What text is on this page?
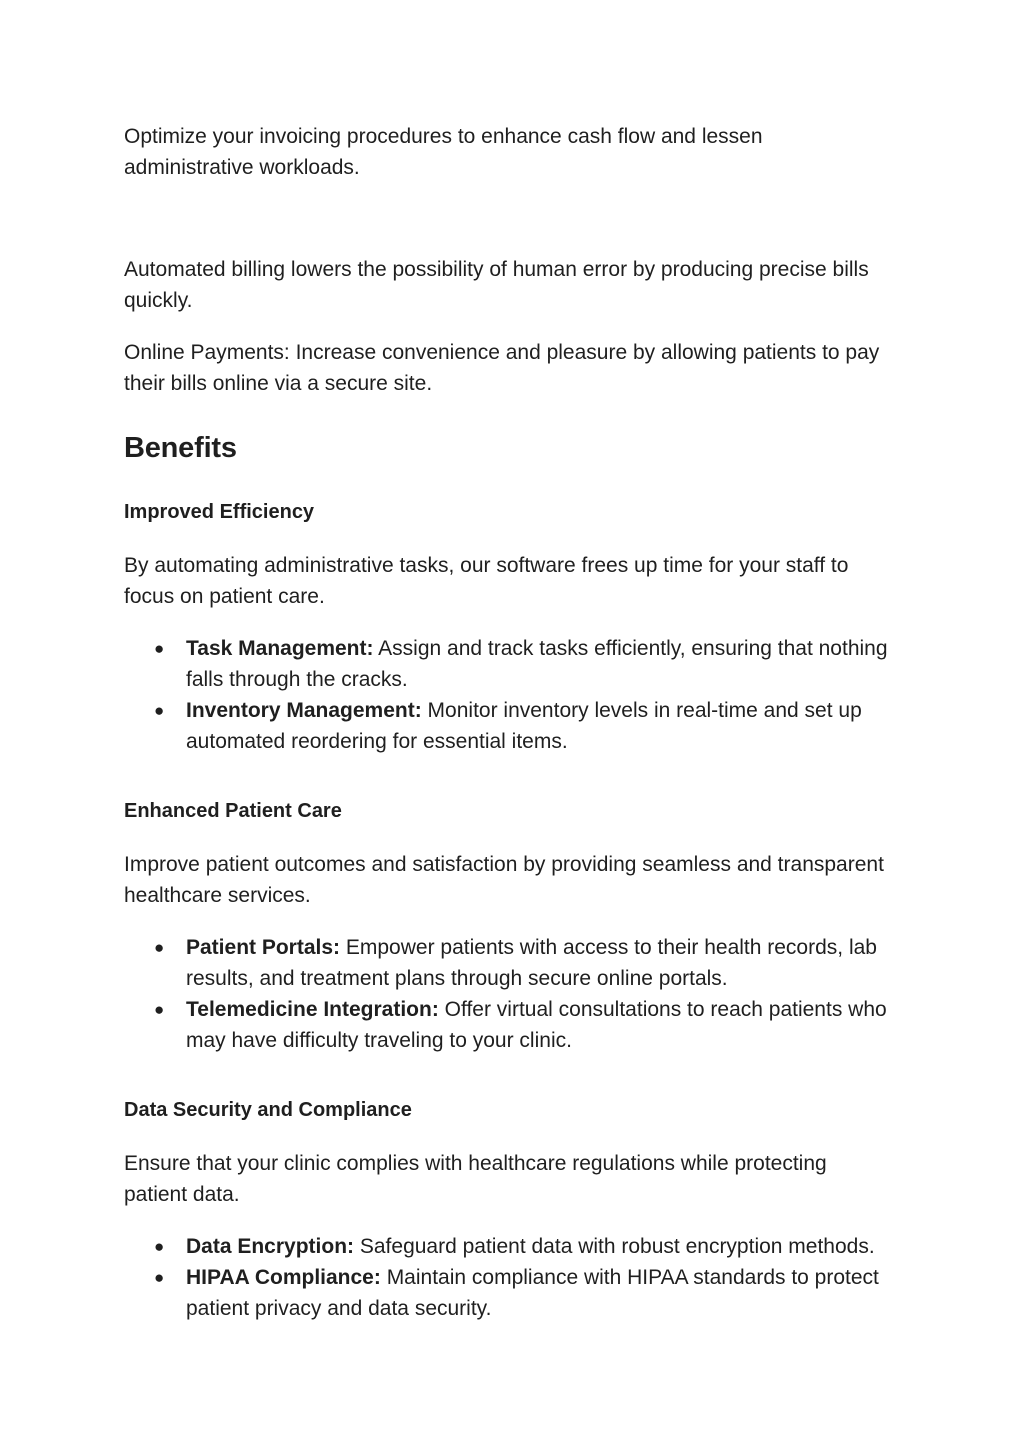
Optimize your invoicing procedures to enhance cash flow and lessen administrative workloads.

Automated billing lowers the possibility of human error by producing precise bills quickly.

Online Payments: Increase convenience and pleasure by allowing patients to pay their bills online via a secure site.

Benefits
Improved Efficiency

By automating administrative tasks, our software frees up time for your staff to focus on patient care.

● Task Management: Assign and track tasks efficiently, ensuring that nothing falls through the cracks.
● Inventory Management: Monitor inventory levels in real-time and set up automated reordering for essential items.
Enhanced Patient Care

Improve patient outcomes and satisfaction by providing seamless and transparent healthcare services.

● Patient Portals: Empower patients with access to their health records, lab results, and treatment plans through secure online portals.
● Telemedicine Integration: Offer virtual consultations to reach patients who may have difficulty traveling to your clinic.
Data Security and Compliance

Ensure that your clinic complies with healthcare regulations while protecting patient data.

● Data Encryption: Safeguard patient data with robust encryption methods.
● HIPAA Compliance: Maintain compliance with HIPAA standards to protect patient privacy and data security.
